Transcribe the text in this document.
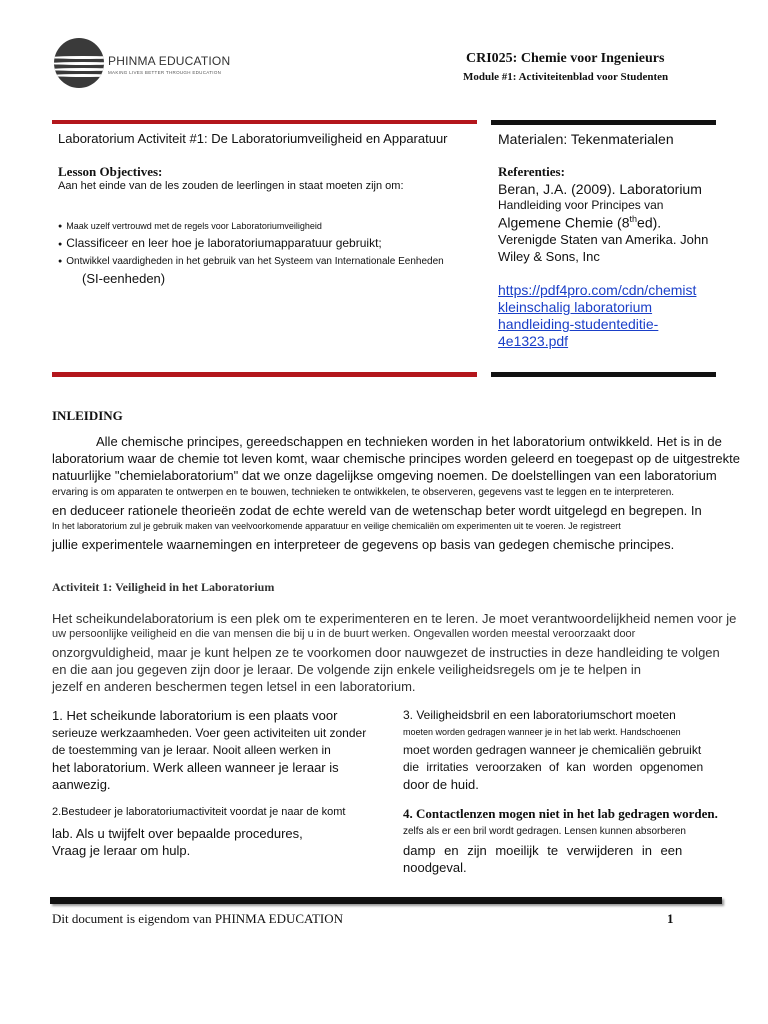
PHINMA EDUCATION
MAKING LIVES BETTER THROUGH EDUCATION
CRI025: Chemie voor Ingenieurs
Module #1: Activiteitenblad voor Studenten
Laboratorium Activiteit #1: De Laboratoriumveiligheid en Apparatuur
Lesson Objectives:
Aan het einde van de les zouden de leerlingen in staat moeten zijn om:
● Maak uzelf vertrouwd met de regels voor Laboratoriumveiligheid
● Classificeer en leer hoe je laboratoriumapparatuur gebruikt;
● Ontwikkel vaardigheden in het gebruik van het Systeem van Internationale Eenheden
(SI-eenheden)
Materialen: Tekenmaterialen
Referenties:
Beran, J.A. (2009). Laboratorium
Handleiding voor Principes van
Algemene Chemie (8thed).
Verenigde Staten van Amerika. John
Wiley & Sons, Inc
https://pdf4pro.com/cdn/chemist
kleinschalig laboratorium
handleiding-studenteditie-
4e1323.pdf
INLEIDING
Alle chemische principes, gereedschappen en technieken worden in het laboratorium ontwikkeld. Het is in de
laboratorium waar de chemie tot leven komt, waar chemische principes worden geleerd en toegepast op de uitgestrekte
natuurlijke "chemielaboratorium" dat we onze dagelijkse omgeving noemen. De doelstellingen van een laboratorium
ervaring is om apparaten te ontwerpen en te bouwen, technieken te ontwikkelen, te observeren, gegevens vast te leggen en te interpreteren.
en deduceer rationele theorieën zodat de echte wereld van de wetenschap beter wordt uitgelegd en begrepen. In
In het laboratorium zul je gebruik maken van veelvoorkomende apparatuur en veilige chemicaliën om experimenten uit te voeren. Je registreert
jullie experimentele waarnemingen en interpreteer de gegevens op basis van gedegen chemische principes.
Activiteit 1: Veiligheid in het Laboratorium
Het scheikundelaboratorium is een plek om te experimenteren en te leren. Je moet verantwoordelijkheid nemen voor je
uw persoonlijke veiligheid en die van mensen die bij u in de buurt werken. Ongevallen worden meestal veroorzaakt door
onzorgvuldigheid, maar je kunt helpen ze te voorkomen door nauwgezet de instructies in deze handleiding te volgen
en die aan jou gegeven zijn door je leraar. De volgende zijn enkele veiligheidsregels om je te helpen in
jezelf en anderen beschermen tegen letsel in een laboratorium.
1. Het scheikunde laboratorium is een plaats voor
serieuze werkzaamheden. Voer geen activiteiten uit zonder
de toestemming van je leraar. Nooit alleen werken in
het laboratorium. Werk alleen wanneer je leraar is
aanwezig.
2.Bestudeer je laboratoriumactiviteit voordat je naar de komt
lab. Als u twijfelt over bepaalde procedures,
Vraag je leraar om hulp.
3. Veiligheidsbril en een laboratoriumschort moeten
moeten worden gedragen wanneer je in het lab werkt. Handschoenen
moet worden gedragen wanneer je chemicaliën gebruikt
die irritaties veroorzaken of kan worden opgenomen
door de huid.
4. Contactlenzen mogen niet in het lab gedragen worden.
zelfs als er een bril wordt gedragen. Lensen kunnen absorberen
damp en zijn moeilijk te verwijderen in een
noodgeval.
Dit document is eigendom van PHINMA EDUCATION	1
